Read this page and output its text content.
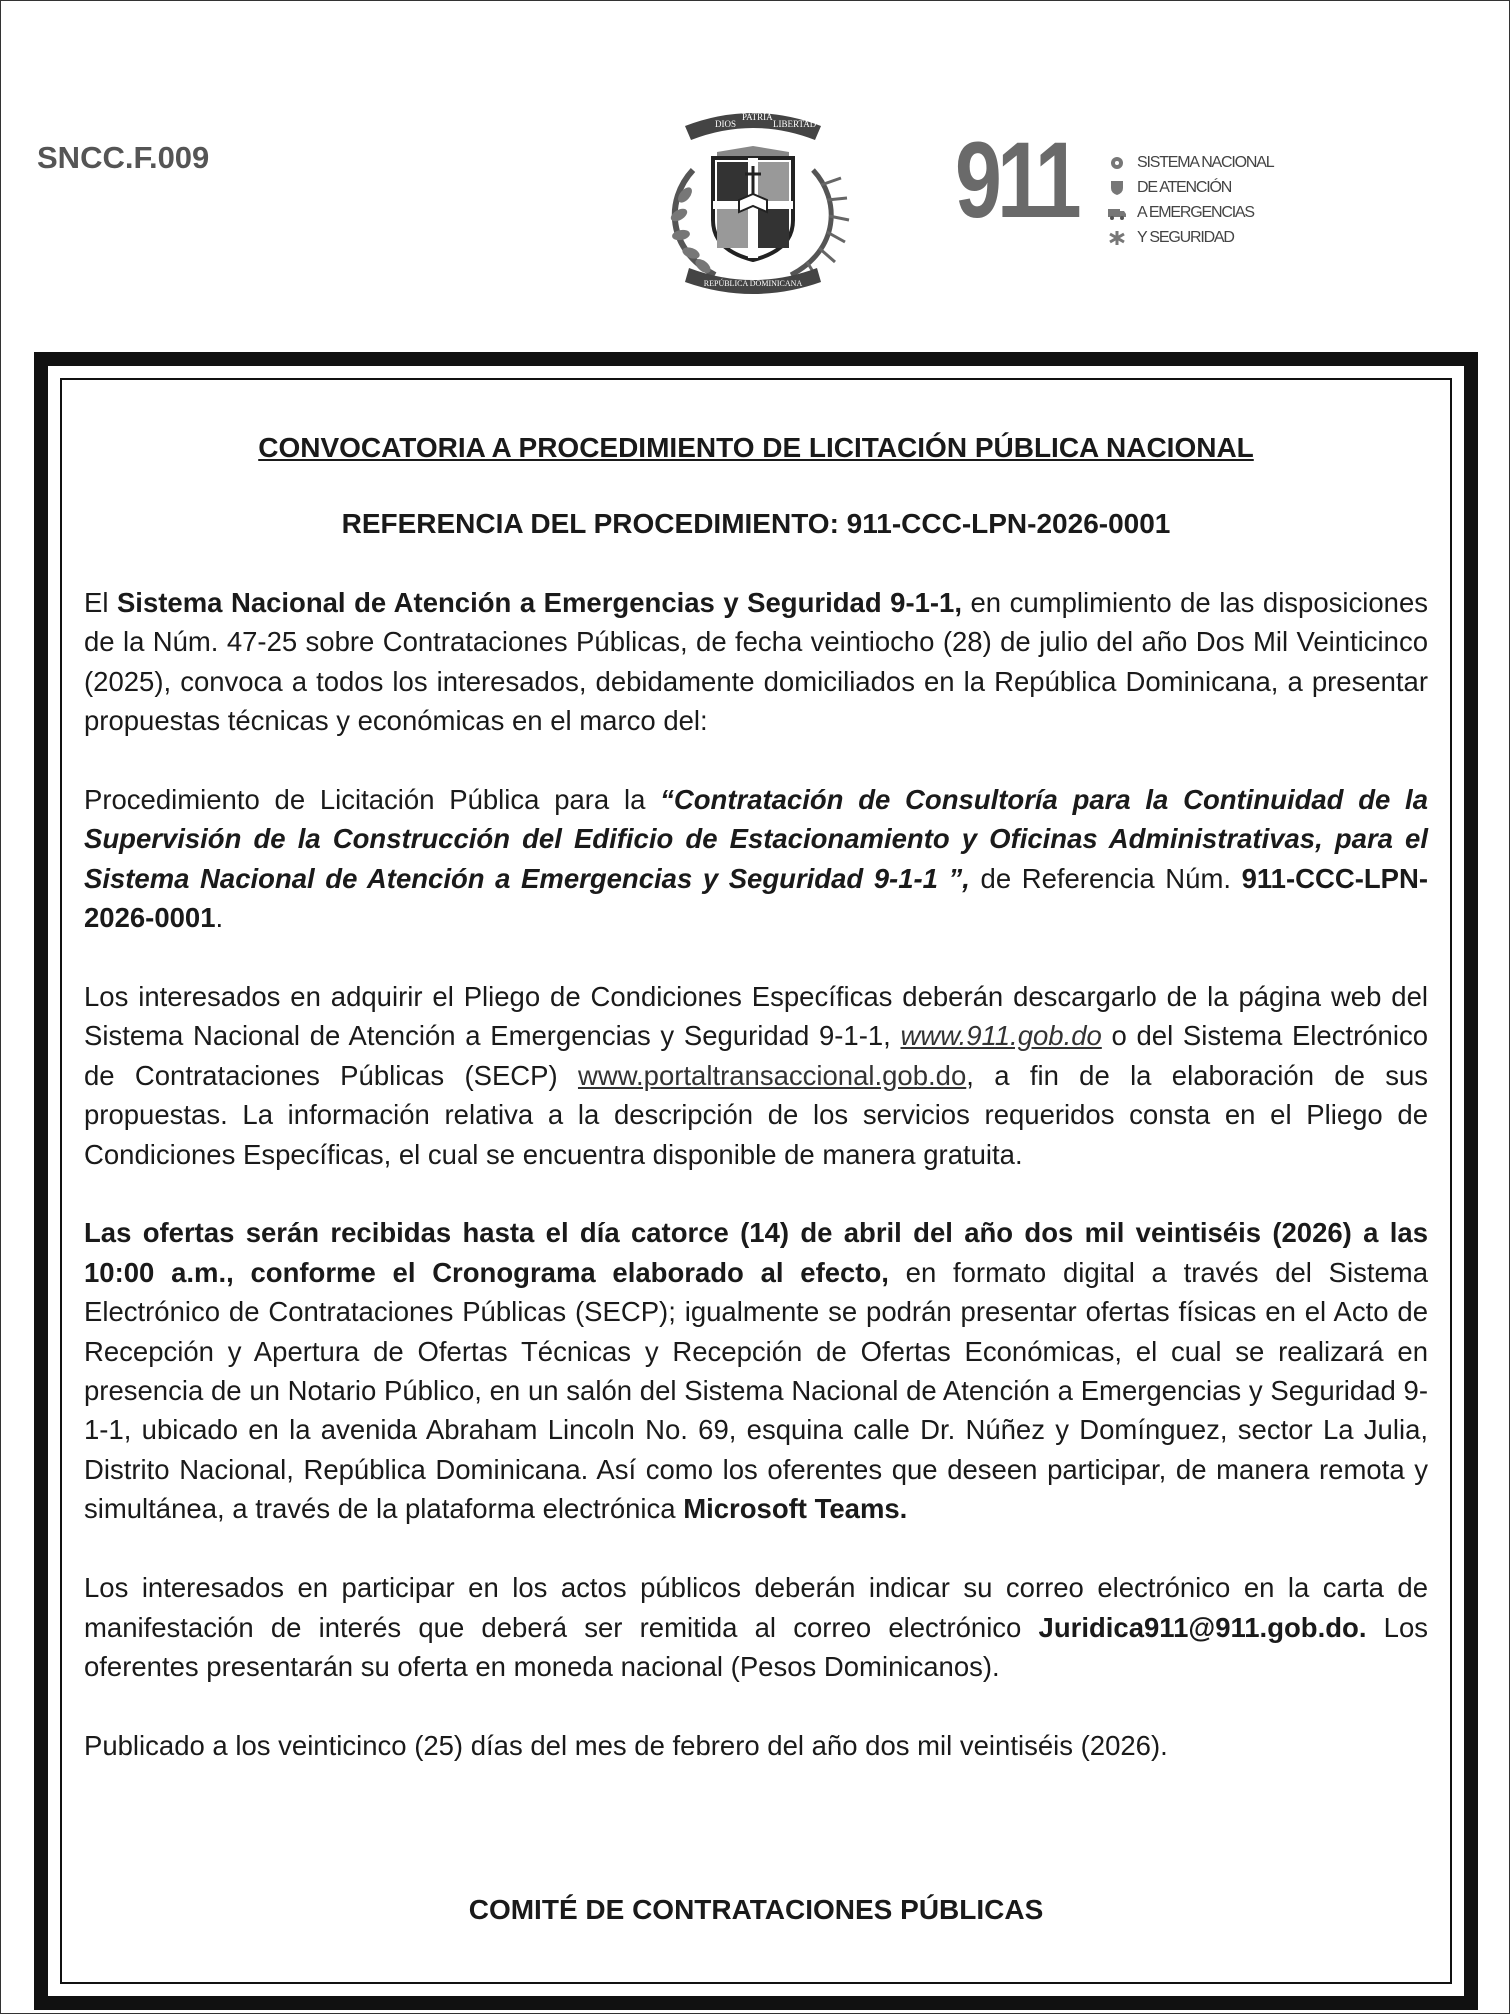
SNCC.F.009
DIOS
PATRIA
LIBERTAD
REPÚBLICA DOMINICANA
911	SISTEMA NACIONAL
DE ATENCIÓN
A EMERGENCIAS
Y SEGURIDAD

CONVOCATORIA A PROCEDIMIENTO DE LICITACIÓN PÚBLICA NACIONAL

REFERENCIA DEL PROCEDIMIENTO: 911-CCC-LPN-2026-0001

El Sistema Nacional de Atención a Emergencias y Seguridad 9-1-1, en cumplimiento de las disposiciones de la Núm. 47-25 sobre Contrataciones Públicas, de fecha veintiocho (28) de julio del año Dos Mil Veinticinco (2025), convoca a todos los interesados, debidamente domiciliados en la República Dominicana, a presentar propuestas técnicas y económicas en el marco del:

Procedimiento de Licitación Pública para la “Contratación de Consultoría para la Continuidad de la Supervisión de la Construcción del Edificio de Estacionamiento y Oficinas Administrativas, para el Sistema Nacional de Atención a Emergencias y Seguridad 9-1-1 ”, de Referencia Núm. 911-CCC-LPN-2026-0001.

Los interesados en adquirir el Pliego de Condiciones Específicas deberán descargarlo de la página web del Sistema Nacional de Atención a Emergencias y Seguridad 9-1-1, www.911.gob.do o del Sistema Electrónico de Contrataciones Públicas (SECP) www.portaltransaccional.gob.do, a fin de la elaboración de sus propuestas. La información relativa a la descripción de los servicios requeridos consta en el Pliego de Condiciones Específicas, el cual se encuentra disponible de manera gratuita.

Las ofertas serán recibidas hasta el día catorce (14) de abril del año dos mil veintiséis (2026) a las 10:00 a.m., conforme el Cronograma elaborado al efecto, en formato digital a través del Sistema Electrónico de Contrataciones Públicas (SECP); igualmente se podrán presentar ofertas físicas en el Acto de Recepción y Apertura de Ofertas Técnicas y Recepción de Ofertas Económicas, el cual se realizará en presencia de un Notario Público, en un salón del Sistema Nacional de Atención a Emergencias y Seguridad 9-1-1, ubicado en la avenida Abraham Lincoln No. 69, esquina calle Dr. Núñez y Domínguez, sector La Julia, Distrito Nacional, República Dominicana. Así como los oferentes que deseen participar, de manera remota y simultánea, a través de la plataforma electrónica Microsoft Teams.

Los interesados en participar en los actos públicos deberán indicar su correo electrónico en la carta de manifestación de interés que deberá ser remitida al correo electrónico Juridica911@911.gob.do. Los oferentes presentarán su oferta en moneda nacional (Pesos Dominicanos).

Publicado a los veinticinco (25) días del mes de febrero del año dos mil veintiséis (2026).

COMITÉ DE CONTRATACIONES PÚBLICAS
